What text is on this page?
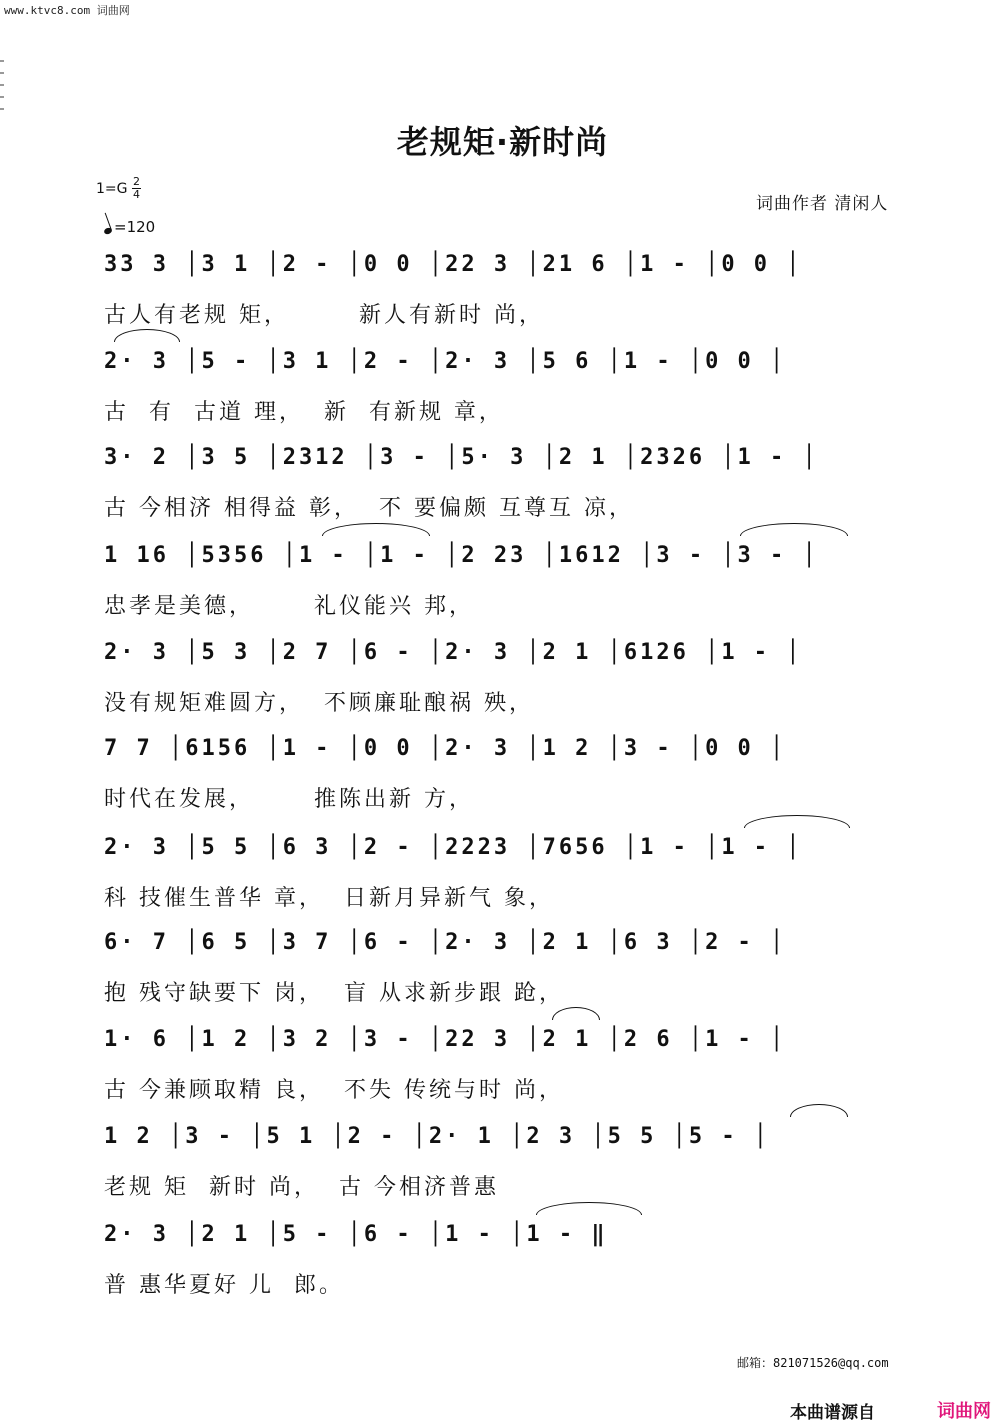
www.ktvc8.com 词曲网
老规矩·新时尚
1=G 2
4
=120
词曲作者 清闲人
33 3 │3 1 │2 - │0 0 │22 3 │21 6 │1 - │0 0 │
古人有老规 矩，       新人有新时 尚，
2· 3 │5 - │3 1 │2 - │2· 3 │5 6 │1 - │0 0 │
古  有  古道 理，  新  有新规 章，
3· 2 │3 5 │2312 │3 - │5· 3 │2 1 │2326 │1 - │
古 今相济 相得益 彰，  不 要偏颇 互尊互 凉，
1 16 │5356 │1 - │1 - │2 23 │1612 │3 - │3 - │
忠孝是美德，      礼仪能兴 邦，
2· 3 │5 3 │2 7 │6 - │2· 3 │2 1 │6126 │1 - │
没有规矩难圆方，  不顾廉耻酿祸 殃，
7 7 │6156 │1 - │0 0 │2· 3 │1 2 │3 - │0 0 │
时代在发展，      推陈出新 方，
2· 3 │5 5 │6 3 │2 - │2223 │7656 │1 - │1 - │
科 技催生普华 章，  日新月异新气 象，
6· 7 │6 5 │3 7 │6 - │2· 3 │2 1 │6 3 │2 - │
抱 残守缺要下 岗，  盲 从求新步跟 跄，
1· 6 │1 2 │3 2 │3 - │22 3 │2 1 │2 6 │1 - │
古 今兼顾取精 良，  不失 传统与时 尚，
1 2 │3 - │5 1 │2 - │2· 1 │2 3 │5 5 │5 - │
老规 矩  新时 尚，  古 今相济普惠
2· 3 │2 1 │5 - │6 - │1 - │1 - ‖
普 惠华夏好 儿  郎。
邮箱：821071526@qq.com
本曲谱源自	词曲网
